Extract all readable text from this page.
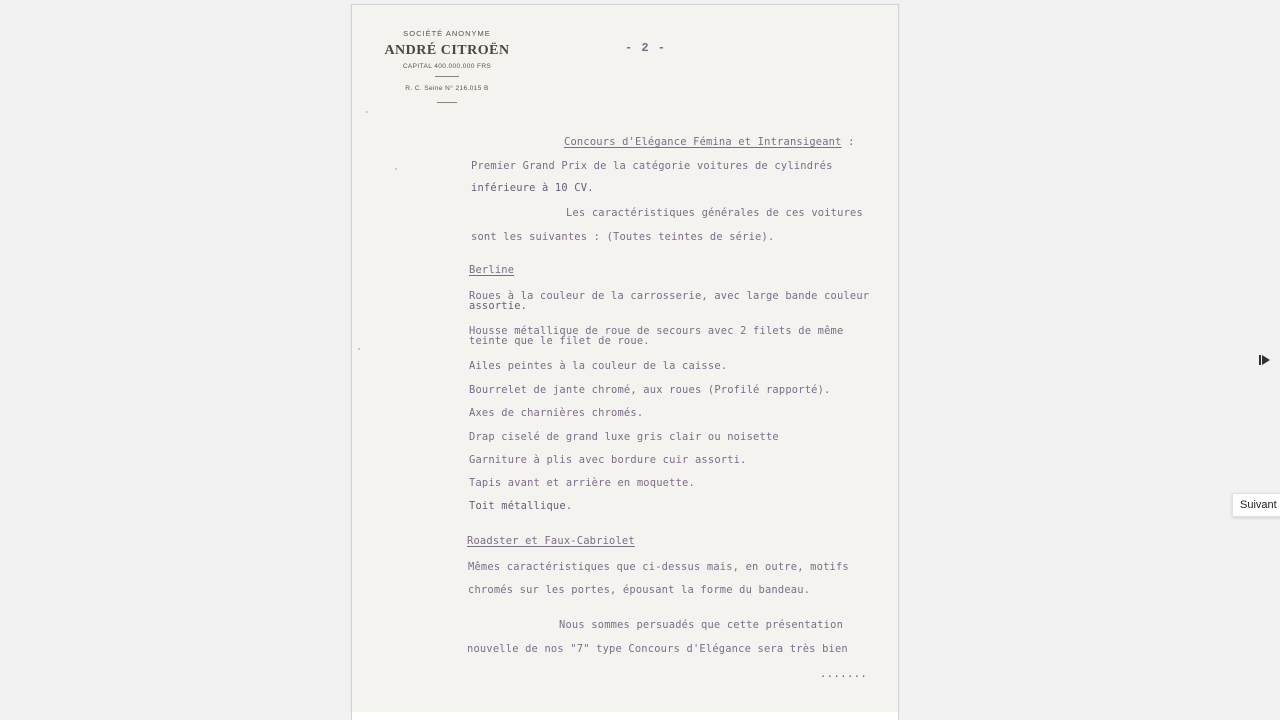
SOCIÉTÉ ANONYME
ANDRÉ CITROËN
CAPITAL 400.000.000 FRS
R. C. Seine N° 216.015 B
- 2 -
Concours d'Elégance Fémina et Intransigeant :
Premier Grand Prix de la catégorie voitures de cylindrés
inférieure à 10 CV.
Les caractéristiques générales de ces voitures
sont les suivantes : (Toutes teintes de série).
Berline
Roues à la couleur de la carrosserie, avec large bande couleur
assortie.
Housse métallique de roue de secours avec 2 filets de même
teinte que le filet de roue.
Ailes peintes à la couleur de la caisse.
Bourrelet de jante chromé, aux roues (Profilé rapporté).
Axes de charnières chromés.
Drap ciselé de grand luxe gris clair ou noisette
Garniture à plis avec bordure cuir assorti.
Tapis avant et arrière en moquette.
Toit métallique.
Roadster et Faux-Cabriolet
Mêmes caractéristiques que ci-dessus mais, en outre, motifs
chromés sur les portes, épousant la forme du bandeau.
Nous sommes persuadés que cette présentation
nouvelle de nos "7" type Concours d'Elégance sera très bien
.......
Suivant
